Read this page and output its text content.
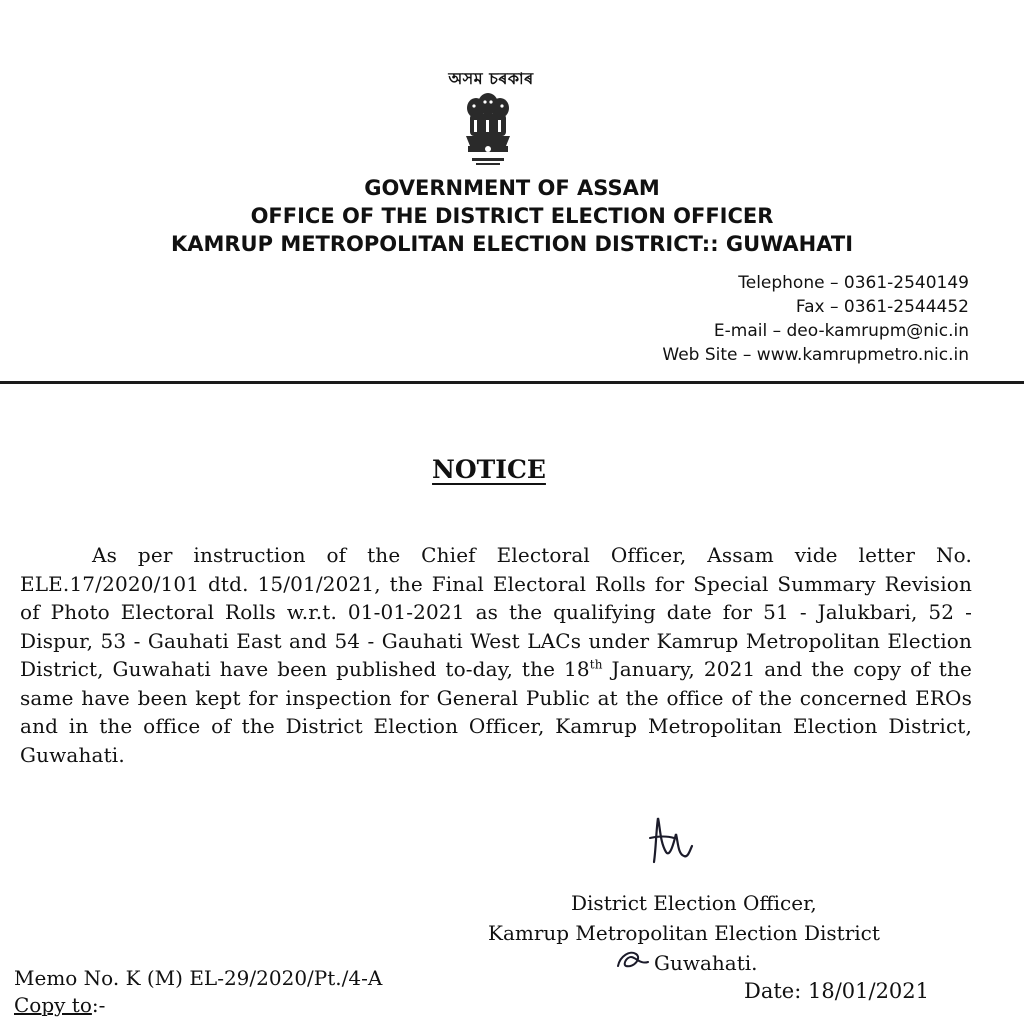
অসম চৰকাৰ
GOVERNMENT OF ASSAM
OFFICE OF THE DISTRICT ELECTION OFFICER
KAMRUP METROPOLITAN ELECTION DISTRICT:: GUWAHATI
Telephone – 0361-2540149
Fax – 0361-2544452
E-mail – deo-kamrupm@nic.in
Web Site – www.kamrupmetro.nic.in
NOTICE
As per instruction of the Chief Electoral Officer, Assam vide letter No. ELE.17/2020/101 dtd. 15/01/2021, the Final Electoral Rolls for Special Summary Revision of Photo Electoral Rolls w.r.t. 01-01-2021 as the qualifying date for 51 - Jalukbari, 52 - Dispur, 53 - Gauhati East and 54 - Gauhati West LACs under Kamrup Metropolitan Election District, Guwahati have been published to-day, the 18th January, 2021 and the copy of the same have been kept for inspection for General Public at the office of the concerned EROs and in the office of the District Election Officer, Kamrup Metropolitan Election District, Guwahati.
District Election Officer,
Kamrup Metropolitan Election District
Guwahati.
Memo No. K (M) EL-29/2020/Pt./4-A
Copy to:-
Date: 18/01/2021
